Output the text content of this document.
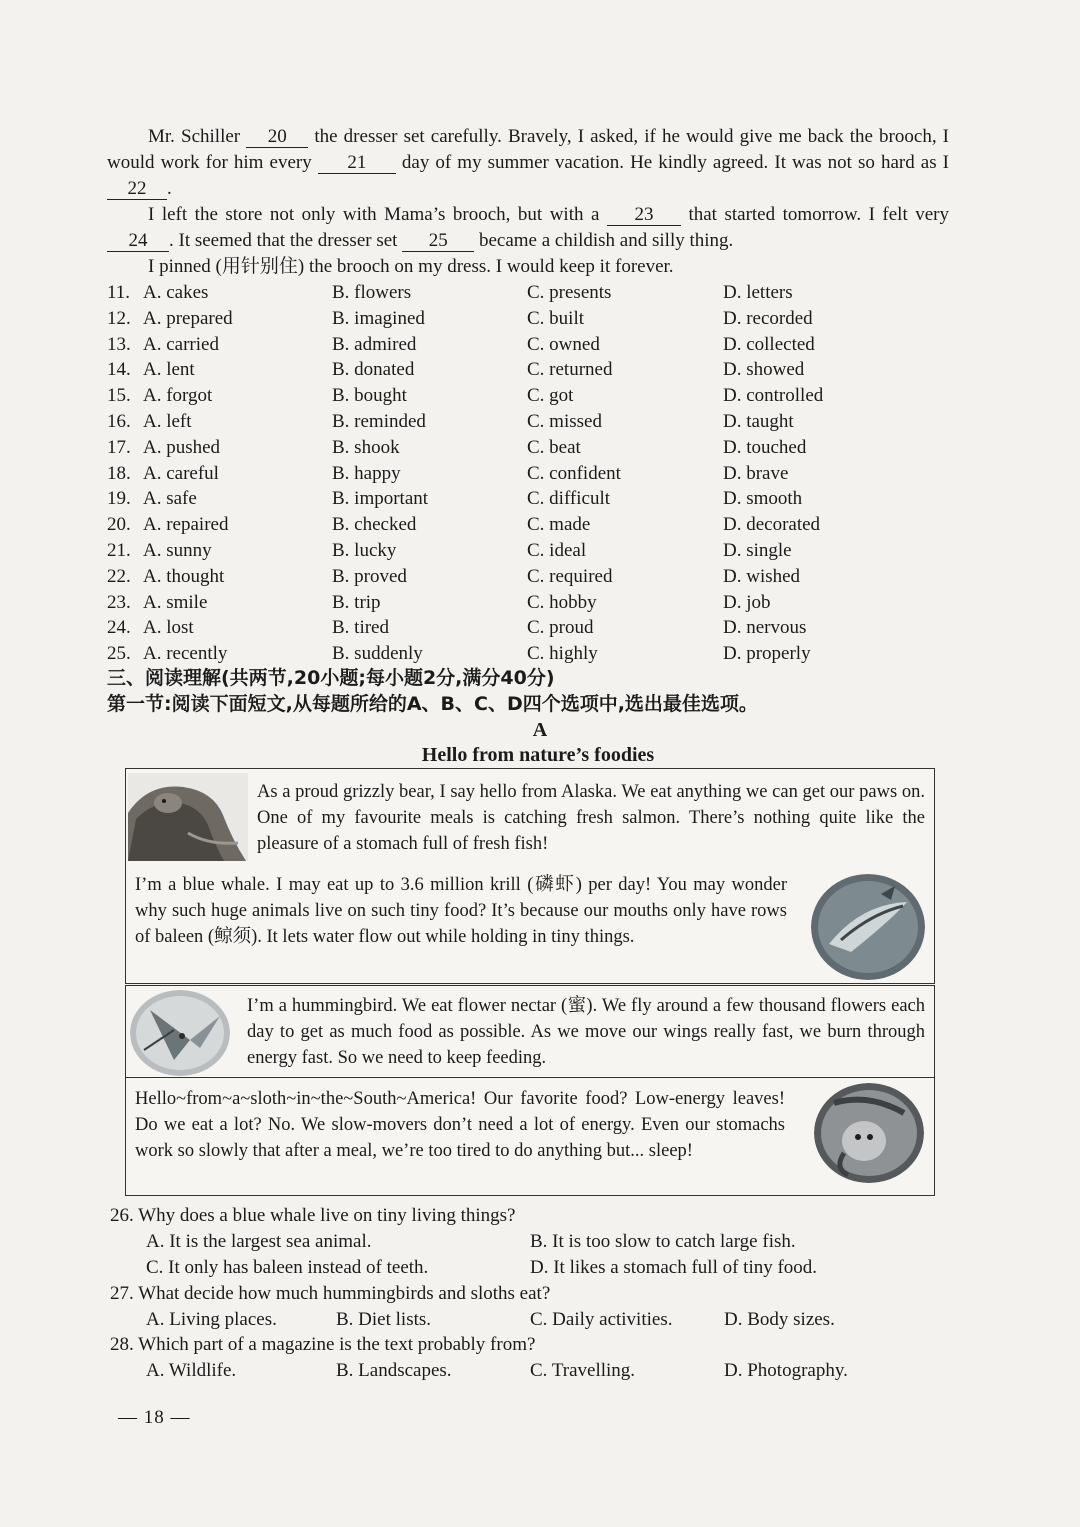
Mr. Schiller 20 the dresser set carefully. Bravely, I asked, if he would give me back the brooch, I would work for him every 21 day of my summer vacation. He kindly agreed. It was not so hard as I 22 .
I left the store not only with Mama’s brooch, but with a 23 that started tomorrow. I felt very 24 . It seemed that the dresser set 25 became a childish and silly thing.
I pinned (用针别住) the brooch on my dress. I would keep it forever.
11. A. cakes	B. flowers	C. presents	D. letters
12. A. prepared	B. imagined	C. built	D. recorded
13. A. carried	B. admired	C. owned	D. collected
14. A. lent	B. donated	C. returned	D. showed
15. A. forgot	B. bought	C. got	D. controlled
16. A. left	B. reminded	C. missed	D. taught
17. A. pushed	B. shook	C. beat	D. touched
18. A. careful	B. happy	C. confident	D. brave
19. A. safe	B. important	C. difficult	D. smooth
20. A. repaired	B. checked	C. made	D. decorated
21. A. sunny	B. lucky	C. ideal	D. single
22. A. thought	B. proved	C. required	D. wished
23. A. smile	B. trip	C. hobby	D. job
24. A. lost	B. tired	C. proud	D. nervous
25. A. recently	B. suddenly	C. highly	D. properly
三、阅读理解(共两节,20小题;每小题2分,满分40分)
第一节:阅读下面短文,从每题所给的A、B、C、D四个选项中,选出最佳选项。
A
Hello from nature’s foodies
As a proud grizzly bear, I say hello from Alaska. We eat anything we can get our paws on. One of my favourite meals is catching fresh salmon. There’s nothing quite like the pleasure of a stomach full of fresh fish!
I’m a blue whale. I may eat up to 3.6 million krill (磷虾) per day! You may wonder why such huge animals live on such tiny food? It’s because our mouths only have rows of baleen (鲸须). It lets water flow out while holding in tiny things.
I’m a hummingbird. We eat flower nectar (蜜). We fly around a few thousand flowers each day to get as much food as possible. As we move our wings really fast, we burn through energy fast. So we need to keep feeding.
Hello~from~a~sloth~in~the~South~America! Our favorite food? Low-energy leaves! Do we eat a lot? No. We slow-movers don’t need a lot of energy. Even our stomachs work so slowly that after a meal, we’re too tired to do anything but... sleep!
26. Why does a blue whale live on tiny living things?
A. It is the largest sea animal.	B. It is too slow to catch large fish.
C. It only has baleen instead of teeth.	D. It likes a stomach full of tiny food.
27. What decide how much hummingbirds and sloths eat?
A. Living places.	B. Diet lists.	C. Daily activities.	D. Body sizes.
28. Which part of a magazine is the text probably from?
A. Wildlife.	B. Landscapes.	C. Travelling.	D. Photography.
— 18 —
